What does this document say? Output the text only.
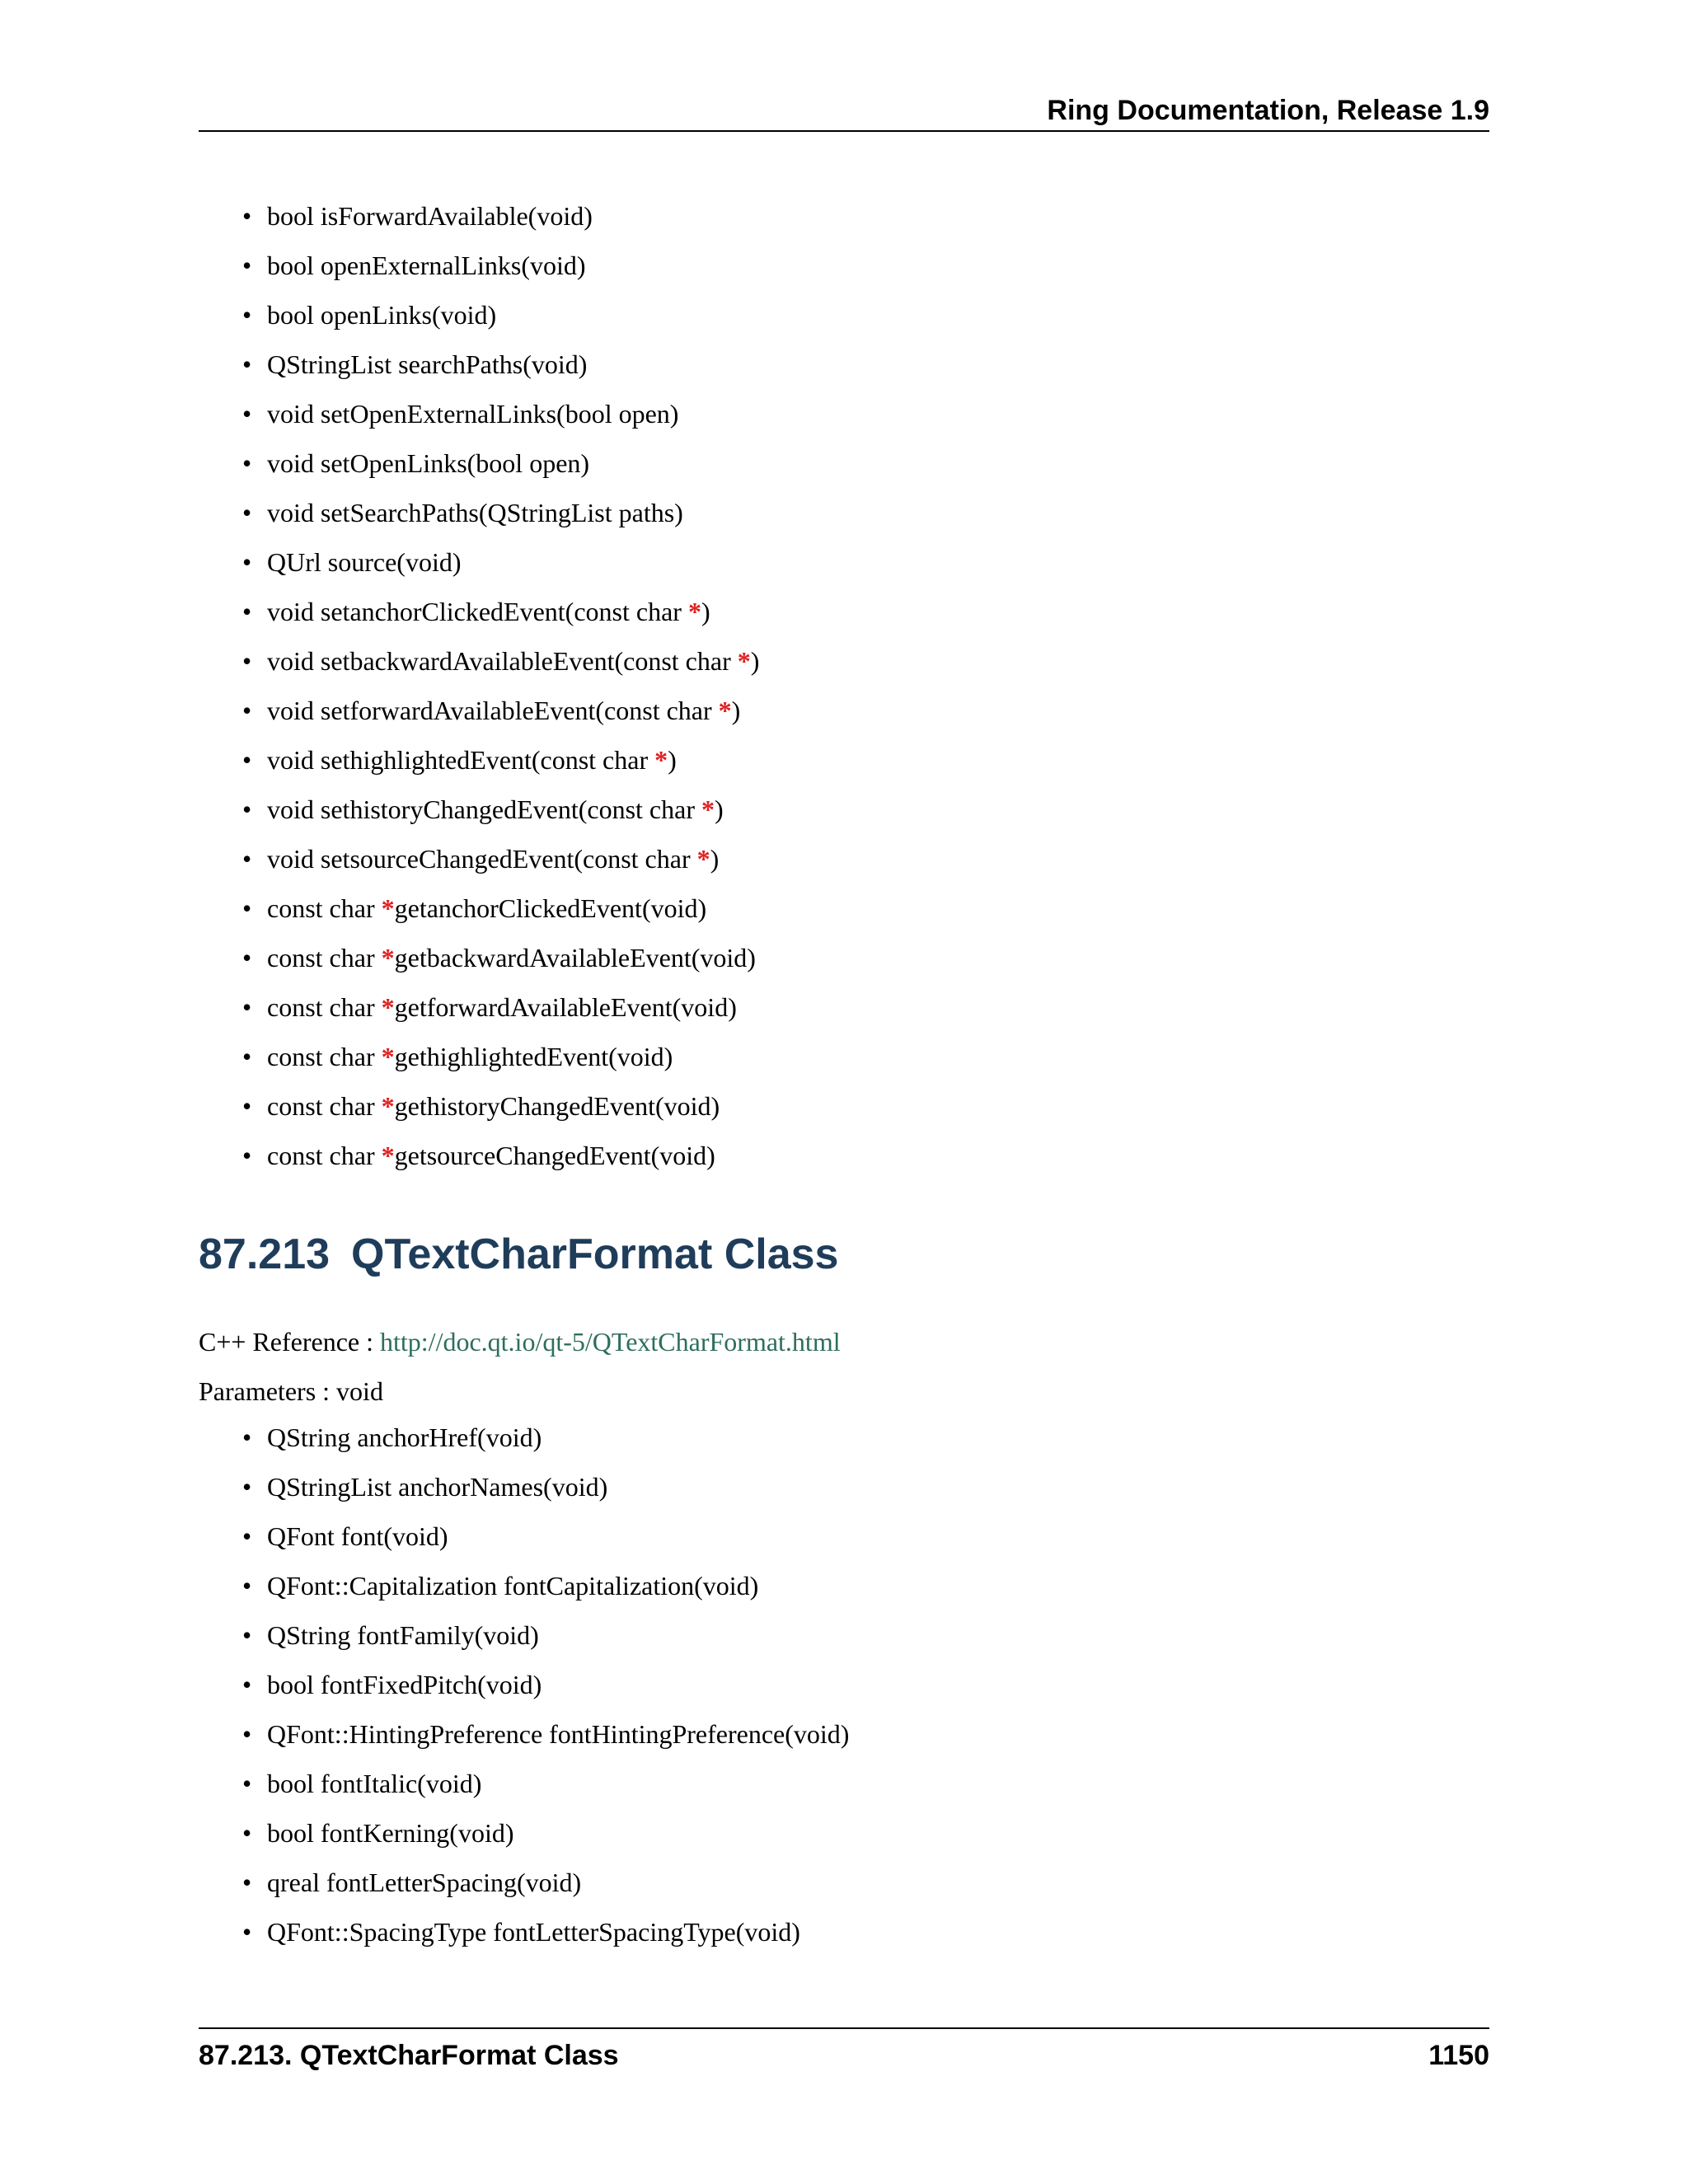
Ring Documentation, Release 1.9
• bool isForwardAvailable(void)
• bool openExternalLinks(void)
• bool openLinks(void)
• QStringList searchPaths(void)
• void setOpenExternalLinks(bool open)
• void setOpenLinks(bool open)
• void setSearchPaths(QStringList paths)
• QUrl source(void)
• void setanchorClickedEvent(const char *)
• void setbackwardAvailableEvent(const char *)
• void setforwardAvailableEvent(const char *)
• void sethighlightedEvent(const char *)
• void sethistoryChangedEvent(const char *)
• void setsourceChangedEvent(const char *)
• const char *getanchorClickedEvent(void)
• const char *getbackwardAvailableEvent(void)
• const char *getforwardAvailableEvent(void)
• const char *gethighlightedEvent(void)
• const char *gethistoryChangedEvent(void)
• const char *getsourceChangedEvent(void)
87.213 QTextCharFormat Class
C++ Reference : http://doc.qt.io/qt-5/QTextCharFormat.html
Parameters : void
• QString anchorHref(void)
• QStringList anchorNames(void)
• QFont font(void)
• QFont::Capitalization fontCapitalization(void)
• QString fontFamily(void)
• bool fontFixedPitch(void)
• QFont::HintingPreference fontHintingPreference(void)
• bool fontItalic(void)
• bool fontKerning(void)
• qreal fontLetterSpacing(void)
• QFont::SpacingType fontLetterSpacingType(void)
87.213. QTextCharFormat Class	1150
